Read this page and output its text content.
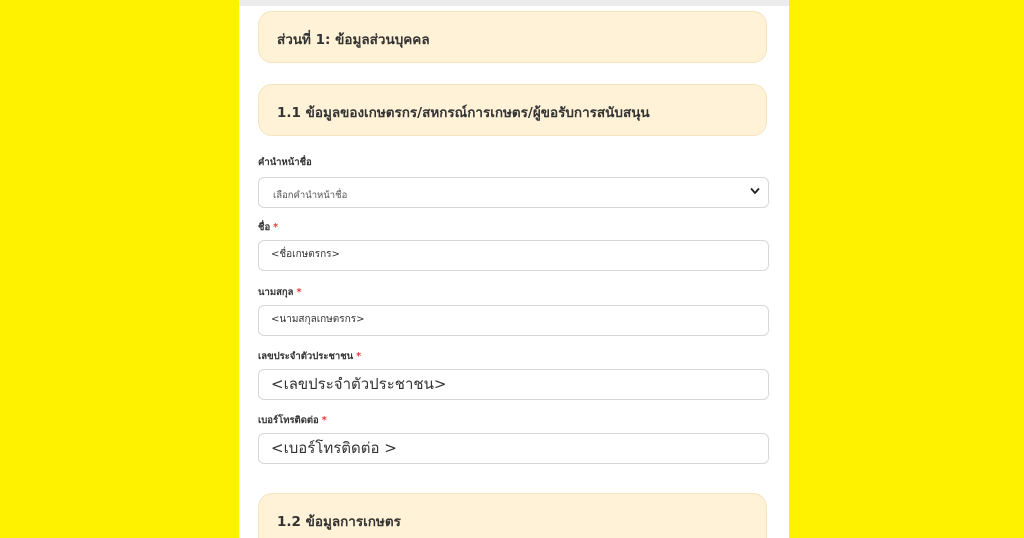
ส่วนที่ 1: ข้อมูลส่วนบุคคล
1.1 ข้อมูลของเกษตรกร/สหกรณ์การเกษตร/ผู้ขอรับการสนับสนุน
คำนำหน้าชื่อ
เลือกคำนำหน้าชื่อ
ชื่อ *
<ชื่อเกษตรกร>
นามสกุล *
<นามสกุลเกษตรกร>
เลขประจำตัวประชาชน *
<เลขประจำตัวประชาชน>
เบอร์โทรติดต่อ *
<เบอร์โทรติดต่อ >
1.2 ข้อมูลการเกษตร
